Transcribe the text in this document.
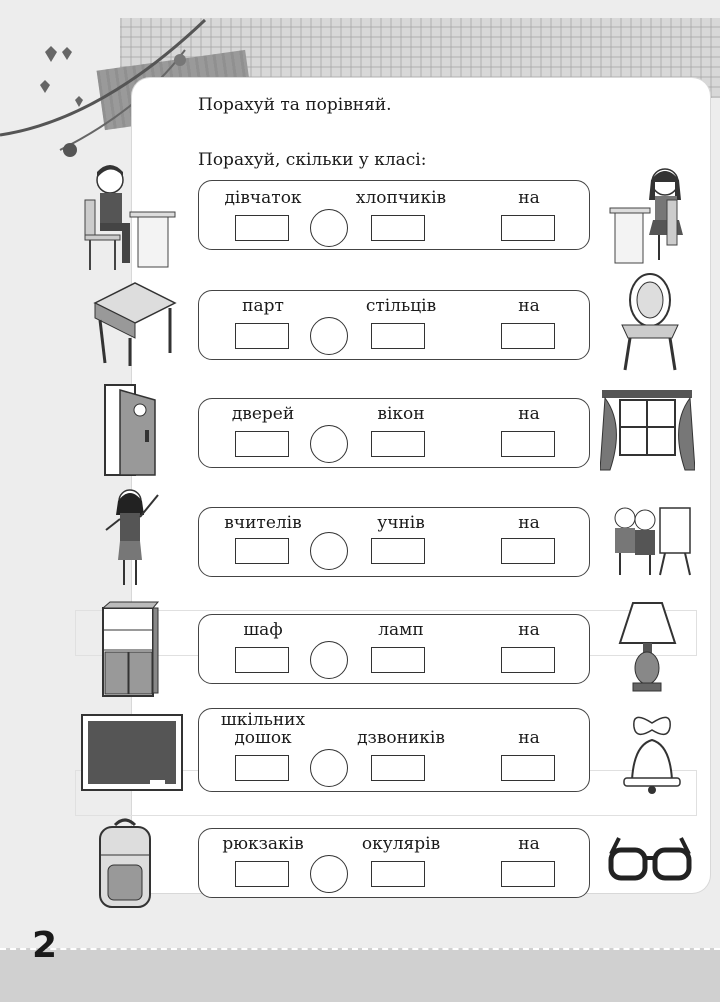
Порахуй та порівняй.
Порахуй, скільки у класі:
дівчаток	хлопчиків	на
парт	стільців	на
дверей	вікон	на
вчителів	учнів	на
шаф	ламп	на
шкільних дошок	дзвоників	на
рюкзаків	окулярів	на
2
